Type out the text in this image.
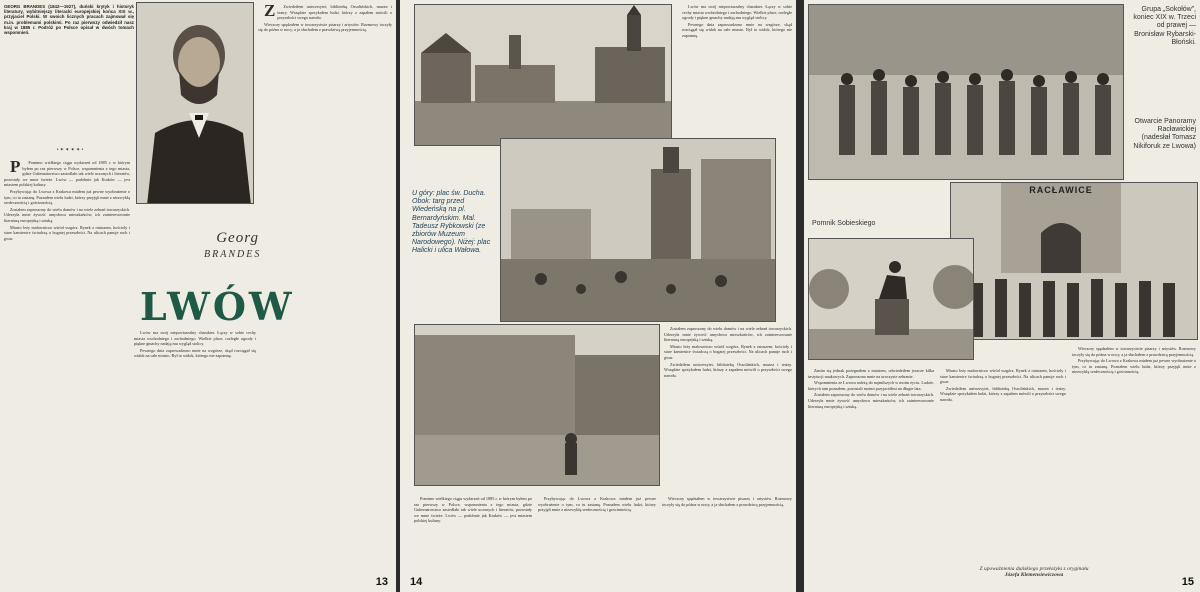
GEORG BRANDES (1842—1927), duński krytyk i historyk literatury, wybitniejszy literacki europejskiej końca XIX w., przyjaciel Polski. W swoich licznych pracach zajmował się m.in. problemami polskimi. Po raz pierwszy odwiedził nasz kraj w 1885 r. Podróż po Polsce opisał w dwóch tomach wspomnień.
Georg
BRANDES
LWÓW
• ✶ ✶ ✶ ✶ •

P Pomimo wielkiego ciągu wydarzeń od 1885 r. w którym byłem po raz pierwszy w Polsce, wspomnienia z tego miasta, gdzie Gubernatorstwo zasiedlało tak wiele uczonych i literatów, pozostały we mnie świeże. Lwów — podobnie jak Kraków — jest miastem polskiej kultury.

Przybywając do Lwowa z Krakowa miałem już pewne wyobrażenie o tym, co tu zastanę. Poznałem wielu ludzi, którzy przyjęli mnie z niezwykłą serdecznością i gościnnością.

Zostałem zaproszony do wielu domów i na wiele zebrań towarzyskich. Uderzyła mnie żywość umysłowa mieszkańców, ich zainteresowanie literaturą europejską i sztuką.

Miasto leży malowniczo wśród wzgórz. Rynek z ratuszem, kościoły i stare kamienice świadczą o bogatej przeszłości. Na ulicach panuje ruch i gwar.

Z Zwiedziłem uniwersytet, bibliotekę Ossolińskich, muzea i teatry. Wszędzie spotykałem ludzi, którzy z zapałem mówili o przyszłości swego narodu.

Wieczory spędzałem w towarzystwie pisarzy i artystów. Rozmowy toczyły się do późna w nocy, a ja słuchałem z prawdziwą przyjemnością.

Lwów ma swój niepowtarzalny charakter. Łączy w sobie cechy miasta wschodniego i zachodniego. Wielkie place, rozległe ogrody i piękne gmachy nadają mu wygląd stolicy.

Pewnego dnia zaprowadzono mnie na wzgórze, skąd rozciągał się widok na całe miasto. Był to widok, którego nie zapomnę.

13
U góry: plac św. Ducha. Obok: targ przed Wiedeńską na pl. Bernardyńskim. Mal. Tadeusz Rybkowski (ze zbiorów Muzeum Narodowego). Niżej: plac Halicki i ulica Wałowa.

Lwów ma swój niepowtarzalny charakter. Łączy w sobie cechy miasta wschodniego i zachodniego. Wielkie place, rozległe ogrody i piękne gmachy nadają mu wygląd stolicy.

Pewnego dnia zaprowadzono mnie na wzgórze, skąd rozciągał się widok na całe miasto. Był to widok, którego nie zapomnę.

Zostałem zaproszony do wielu domów i na wiele zebrań towarzyskich. Uderzyła mnie żywość umysłowa mieszkańców, ich zainteresowanie literaturą europejską i sztuką.

Miasto leży malowniczo wśród wzgórz. Rynek z ratuszem, kościoły i stare kamienice świadczą o bogatej przeszłości. Na ulicach panuje ruch i gwar.

Zwiedziłem uniwersytet, bibliotekę Ossolińskich, muzea i teatry. Wszędzie spotykałem ludzi, którzy z zapałem mówili o przyszłości swego narodu.

Pomimo wielkiego ciągu wydarzeń od 1885 r. w którym byłem po raz pierwszy w Polsce, wspomnienia z tego miasta, gdzie Gubernatorstwo zasiedlało tak wiele uczonych i literatów, pozostały we mnie świeże. Lwów — podobnie jak Kraków — jest miastem polskiej kultury.

Przybywając do Lwowa z Krakowa miałem już pewne wyobrażenie o tym, co tu zastanę. Poznałem wielu ludzi, którzy przyjęli mnie z niezwykłą serdecznością i gościnnością.

Wieczory spędzałem w towarzystwie pisarzy i artystów. Rozmowy toczyły się do późna w nocy, a ja słuchałem z prawdziwą przyjemnością.

14
Grupa „Sokołów”, koniec XIX w. Trzeci od prawej — Bronisław Rybarski-Błoński.
RACŁAWICE
Otwarcie Panoramy Racławickiej (nadesłał Tomasz Nikiforuk ze Lwowa)
Pomnik Sobieskiego

Zanim się jednak pożegnałem z miastem, odwiedziłem jeszcze kilka instytucji naukowych. Zaproszono mnie na uroczyste zebranie.

Wspomnienia ze Lwowa należą do najmilszych w moim życiu. Ludzie, których tam poznałem, pozostali moimi przyjaciółmi na długie lata.

Zostałem zaproszony do wielu domów i na wiele zebrań towarzyskich. Uderzyła mnie żywość umysłowa mieszkańców, ich zainteresowanie literaturą europejską i sztuką.

Miasto leży malowniczo wśród wzgórz. Rynek z ratuszem, kościoły i stare kamienice świadczą o bogatej przeszłości. Na ulicach panuje ruch i gwar.

Zwiedziłem uniwersytet, bibliotekę Ossolińskich, muzea i teatry. Wszędzie spotykałem ludzi, którzy z zapałem mówili o przyszłości swego narodu.

Wieczory spędzałem w towarzystwie pisarzy i artystów. Rozmowy toczyły się do późna w nocy, a ja słuchałem z prawdziwą przyjemnością.

Przybywając do Lwowa z Krakowa miałem już pewne wyobrażenie o tym, co tu zastanę. Poznałem wielu ludzi, którzy przyjęli mnie z niezwykłą serdecznością i gościnnością.

Z upoważnienia duńskiego przełożyła z oryginału
Józefa Klemensiewiczowa
15
